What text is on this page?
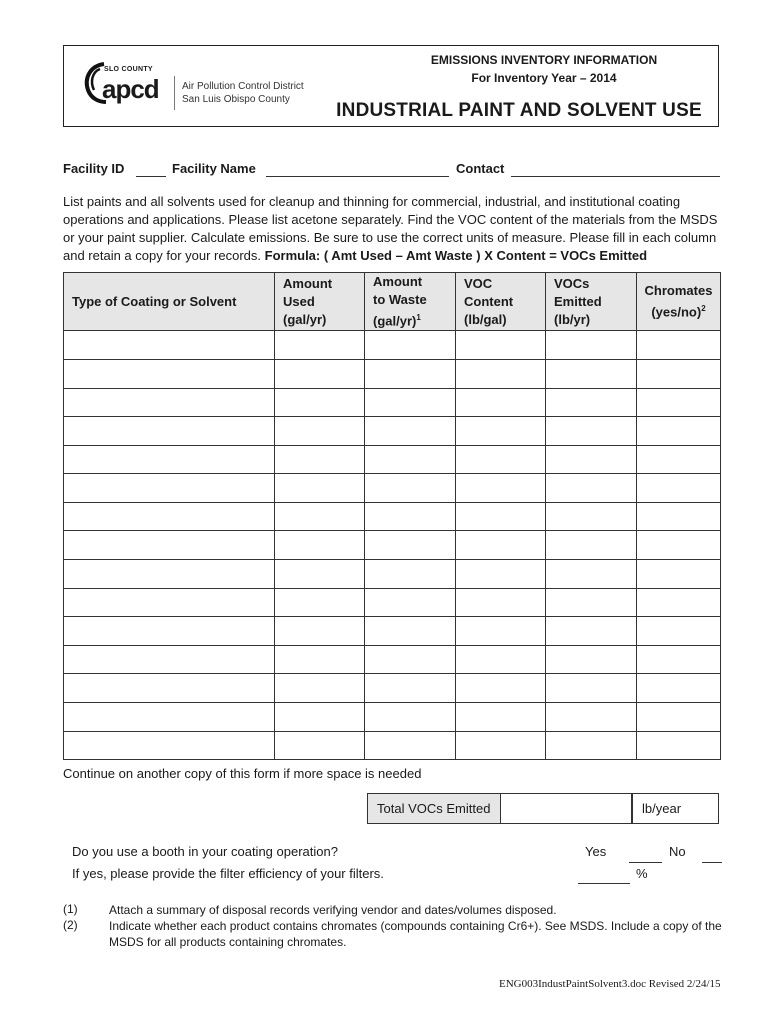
SLO COUNTY
apcd Air Pollution Control District
San Luis Obispo County
EMISSIONS INVENTORY INFORMATION
For Inventory Year – 2014
INDUSTRIAL PAINT AND SOLVENT USE
Facility ID	Facility Name	Contact
List paints and all solvents used for cleanup and thinning for commercial, industrial, and institutional coating operations and applications. Please list acetone separately. Find the VOC content of the materials from the MSDS or your paint supplier. Calculate emissions. Be sure to use the correct units of measure. Please fill in each column and retain a copy for your records. Formula: ( Amt Used – Amt Waste ) X Content = VOCs Emitted
Type of Coating or Solvent	Amount
Used
(gal/yr)	Amount
to Waste
$(gal/yr)^1$	VOC
Content
(lb/gal)	VOCs
Emitted
(lb/yr)	Chromates
$(yes/no)^2$

Continue on another copy of this form if more space is needed
Total VOCs Emitted	lb/year
Do you use a booth in your coating operation?	Yes	No
If yes, please provide the filter efficiency of your filters.	%
(1)	Attach a summary of disposal records verifying vendor and dates/volumes disposed.
(2)	Indicate whether each product contains chromates (compounds containing Cr6+). See MSDS. Include a copy of the MSDS for all products containing chromates.
ENG003IndustPaintSolvent3.doc Revised 2/24/15
